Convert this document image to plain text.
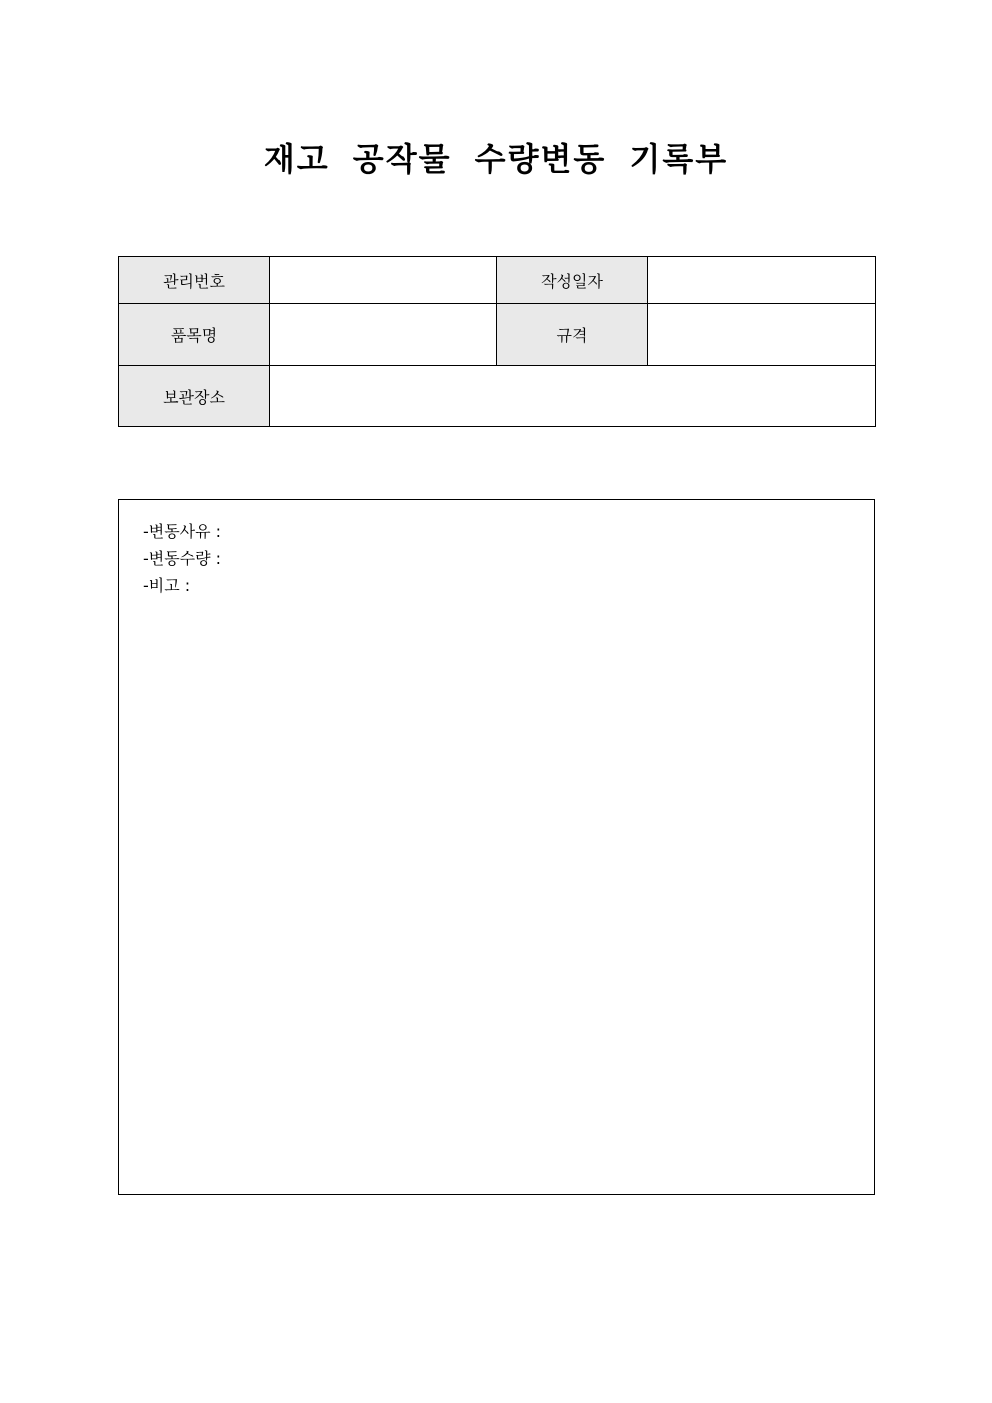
재고 공작물 수량변동 기록부
관리번호		작성일자	
품목명		규격	
보관장소			
-변동사유 :
-변동수량 :
-비고 :
